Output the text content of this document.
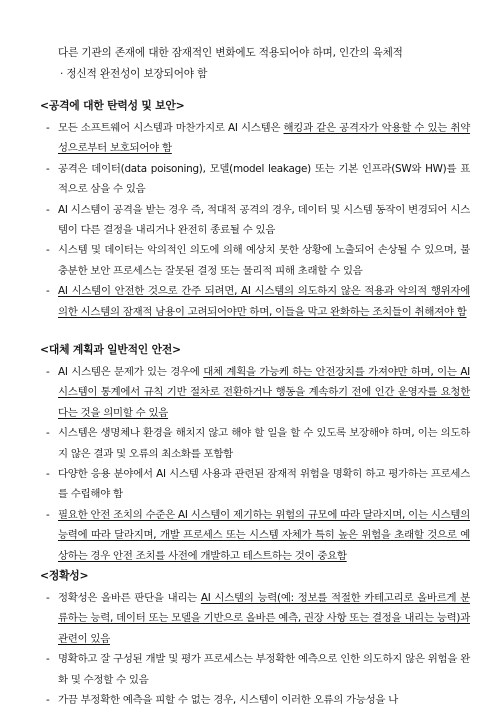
다른 기관의 존재에 대한 잠재적인 변화에도 적용되어야 하며, 인간의 육체적
· 정신적 완전성이 보장되어야 함
<공격에 대한 탄력성 및 보안>
- 모든 소프트웨어 시스템과 마찬가지로 AI 시스템은 해킹과 같은 공격자가 악용할 수 있는 취약성으로부터 보호되어야 함
- 공격은 데이터(data poisoning), 모델(model leakage) 또는 기본 인프라(SW와 HW)를 표적으로 삼을 수 있음
- AI 시스템이 공격을 받는 경우 즉, 적대적 공격의 경우, 데이터 및 시스템 동작이 변경되어 시스템이 다른 결정을 내리거나 완전히 종료될 수 있음
- 시스템 및 데이터는 악의적인 의도에 의해 예상치 못한 상황에 노출되어 손상될 수 있으며, 불충분한 보안 프로세스는 잘못된 결정 또는 물리적 피해 초래할 수 있음
- AI 시스템이 안전한 것으로 간주 되려면, AI 시스템의 의도하지 않은 적용과 악의적 행위자에 의한 시스템의 잠재적 남용이 고려되어야만 하며, 이들을 막고 완화하는 조치들이 취해져야 함
<대체 계획과 일반적인 안전>
- AI 시스템은 문제가 있는 경우에 대체 계획을 가능케 하는 안전장치를 가져야만 하며, 이는 AI 시스템이 통계에서 규칙 기반 절차로 전환하거나 행동을 계속하기 전에 인간 운영자를 요청한다는 것을 의미할 수 있음
- 시스템은 생명체나 환경을 해치지 않고 해야 할 일을 할 수 있도록 보장해야 하며, 이는 의도하지 않은 결과 및 오류의 최소화를 포함함
- 다양한 응용 분야에서 AI 시스템 사용과 관련된 잠재적 위험을 명확히 하고 평가하는 프로세스를 수립해야 함
- 필요한 안전 조치의 수준은 AI 시스템이 제기하는 위험의 규모에 따라 달라지며, 이는 시스템의 능력에 따라 달라지며, 개발 프로세스 또는 시스템 자체가 특히 높은 위험을 초래할 것으로 예상하는 경우 안전 조치를 사전에 개발하고 테스트하는 것이 중요함
<정확성>
- 정확성은 올바른 판단을 내리는 AI 시스템의 능력(예: 정보를 적절한 카테고리로 올바르게 분류하는 능력, 데이터 또는 모델을 기반으로 올바른 예측, 권장 사항 또는 결정을 내리는 능력)과 관련이 있음
- 명확하고 잘 구성된 개발 및 평가 프로세스는 부정확한 예측으로 인한 의도하지 않은 위험을 완화 및 수정할 수 있음
- 가끔 부정확한 예측을 피할 수 없는 경우, 시스템이 이러한 오류의 가능성을 나
